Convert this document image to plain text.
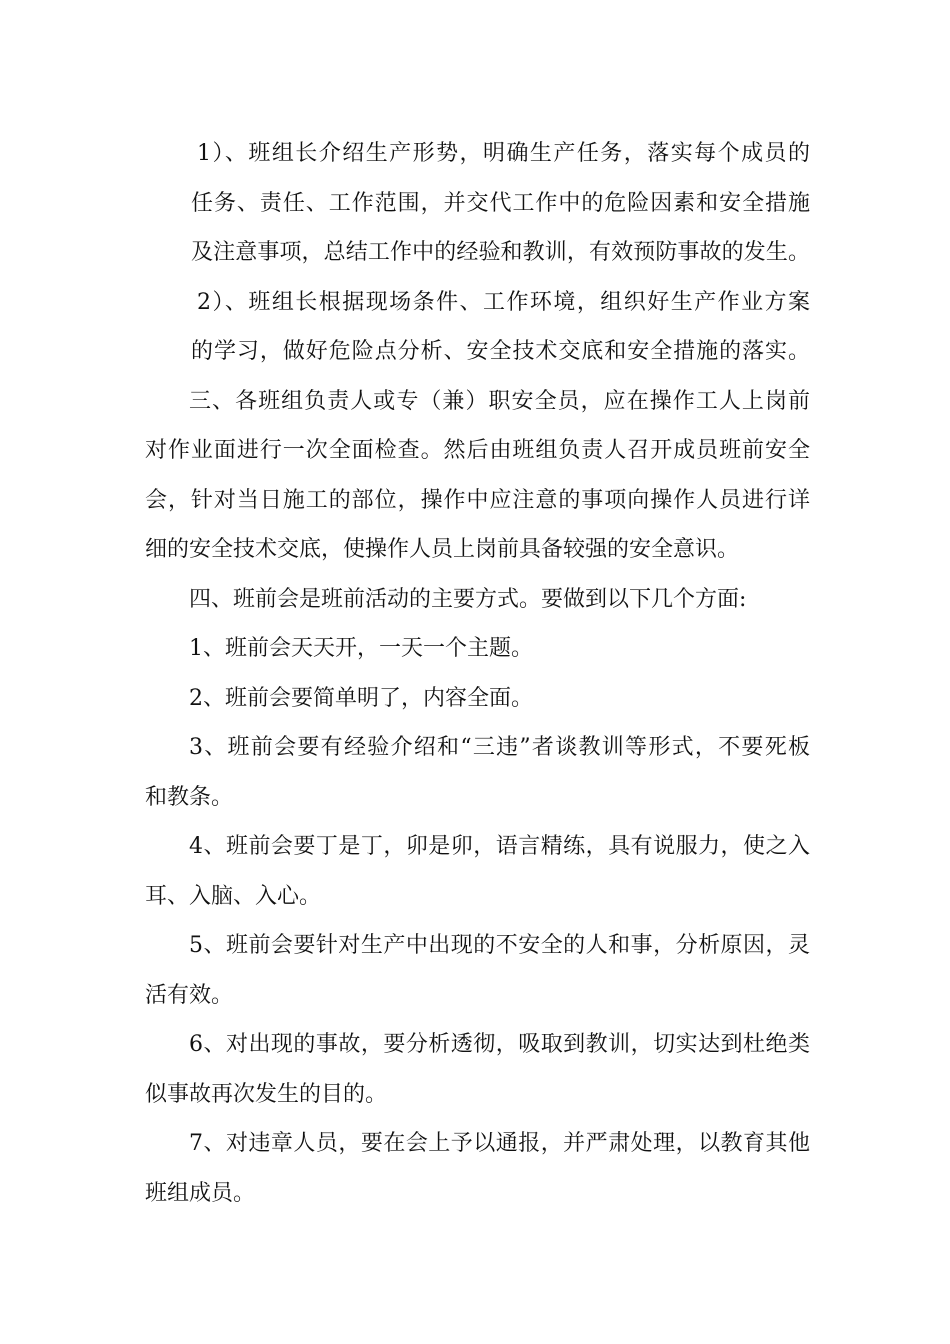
1）、班组长介绍生产形势，明确生产任务，落实每个成员的
任务、责任、工作范围，并交代工作中的危险因素和安全措施
及注意事项，总结工作中的经验和教训，有效预防事故的发生。
2）、班组长根据现场条件、工作环境，组织好生产作业方案
的学习，做好危险点分析、安全技术交底和安全措施的落实。
三、各班组负责人或专（兼）职安全员，应在操作工人上岗前
对作业面进行一次全面检查。然后由班组负责人召开成员班前安全
会，针对当日施工的部位，操作中应注意的事项向操作人员进行详
细的安全技术交底，使操作人员上岗前具备较强的安全意识。
四、班前会是班前活动的主要方式。要做到以下几个方面:
1、班前会天天开，一天一个主题。
2、班前会要简单明了，内容全面。
3、班前会要有经验介绍和“三违”者谈教训等形式，不要死板
和教条。
4、班前会要丁是丁，卯是卯，语言精练，具有说服力，使之入
耳、入脑、入心。
5、班前会要针对生产中出现的不安全的人和事，分析原因，灵
活有效。
6、对出现的事故，要分析透彻，吸取到教训，切实达到杜绝类
似事故再次发生的目的。
7、对违章人员，要在会上予以通报，并严肃处理，以教育其他
班组成员。
